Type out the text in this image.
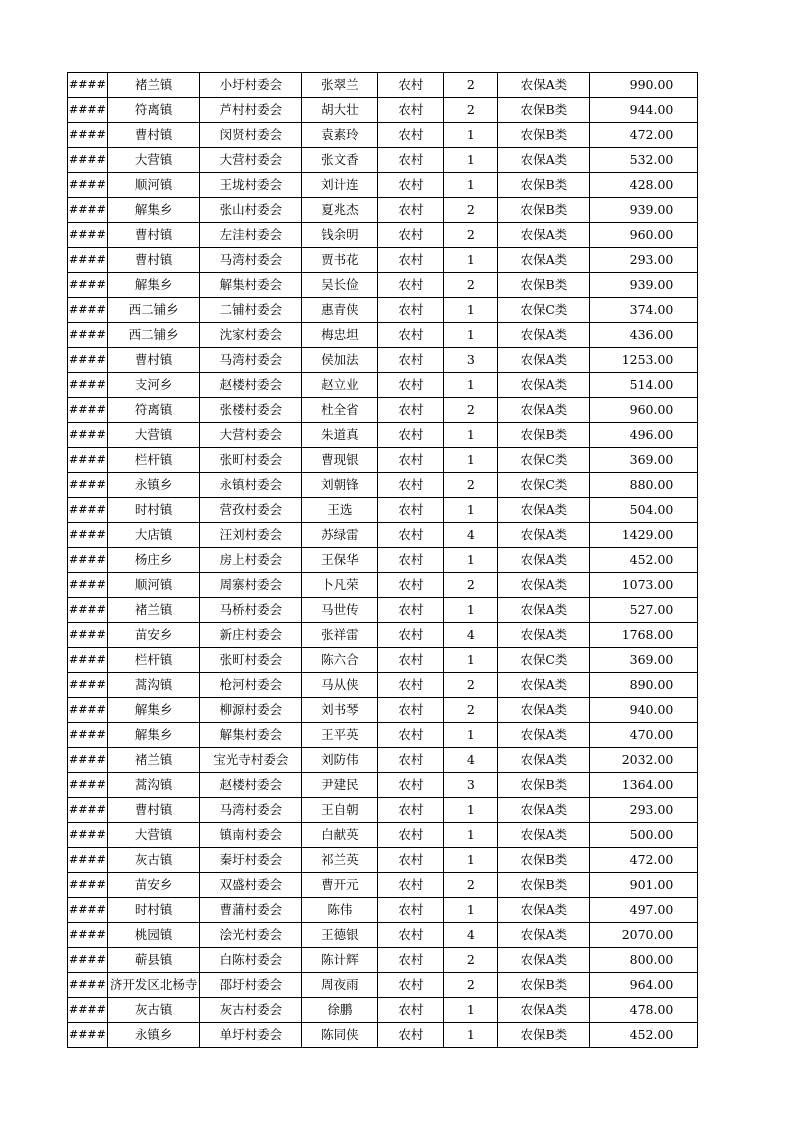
####	褚兰镇	小圩村委会	张翠兰	农村	2	农保A类	990.00
####	符离镇	芦村村委会	胡大壮	农村	2	农保B类	944.00
####	曹村镇	闵贤村委会	袁素玲	农村	1	农保B类	472.00
####	大营镇	大营村委会	张文香	农村	1	农保A类	532.00
####	顺河镇	王垅村委会	刘计连	农村	1	农保B类	428.00
####	解集乡	张山村委会	夏兆杰	农村	2	农保B类	939.00
####	曹村镇	左洼村委会	钱余明	农村	2	农保A类	960.00
####	曹村镇	马湾村委会	贾书花	农村	1	农保A类	293.00
####	解集乡	解集村委会	吴长俭	农村	2	农保B类	939.00
####	西二铺乡	二铺村委会	惠青侠	农村	1	农保C类	374.00
####	西二铺乡	沈家村委会	梅忠坦	农村	1	农保A类	436.00
####	曹村镇	马湾村委会	侯加法	农村	3	农保A类	1253.00
####	支河乡	赵楼村委会	赵立业	农村	1	农保A类	514.00
####	符离镇	张楼村委会	杜全省	农村	2	农保A类	960.00
####	大营镇	大营村委会	朱道真	农村	1	农保B类	496.00
####	栏杆镇	张町村委会	曹现银	农村	1	农保C类	369.00
####	永镇乡	永镇村委会	刘朝锋	农村	2	农保C类	880.00
####	时村镇	营孜村委会	王选	农村	1	农保A类	504.00
####	大店镇	汪刘村委会	苏绿雷	农村	4	农保A类	1429.00
####	杨庄乡	房上村委会	王保华	农村	1	农保A类	452.00
####	顺河镇	周寨村委会	卜凡荣	农村	2	农保A类	1073.00
####	褚兰镇	马桥村委会	马世传	农村	1	农保A类	527.00
####	苗安乡	新庄村委会	张祥雷	农村	4	农保A类	1768.00
####	栏杆镇	张町村委会	陈六合	农村	1	农保C类	369.00
####	蒿沟镇	枪河村委会	马从侠	农村	2	农保A类	890.00
####	解集乡	柳源村委会	刘书琴	农村	2	农保A类	940.00
####	解集乡	解集村委会	王平英	农村	1	农保A类	470.00
####	褚兰镇	宝光寺村委会	刘防伟	农村	4	农保A类	2032.00
####	蒿沟镇	赵楼村委会	尹建民	农村	3	农保B类	1364.00
####	曹村镇	马湾村委会	王自朝	农村	1	农保A类	293.00
####	大营镇	镇南村委会	白献英	农村	1	农保A类	500.00
####	灰古镇	秦圩村委会	祁兰英	农村	1	农保B类	472.00
####	苗安乡	双盛村委会	曹开元	农村	2	农保B类	901.00
####	时村镇	曹蒲村委会	陈伟	农村	1	农保A类	497.00
####	桃园镇	浍光村委会	王德银	农村	4	农保A类	2070.00
####	蕲县镇	白陈村委会	陈计辉	农村	2	农保A类	800.00
####	济开发区北杨寺	邵圩村委会	周夜雨	农村	2	农保B类	964.00
####	灰古镇	灰古村委会	徐鹏	农村	1	农保A类	478.00
####	永镇乡	单圩村委会	陈同侠	农村	1	农保B类	452.00
